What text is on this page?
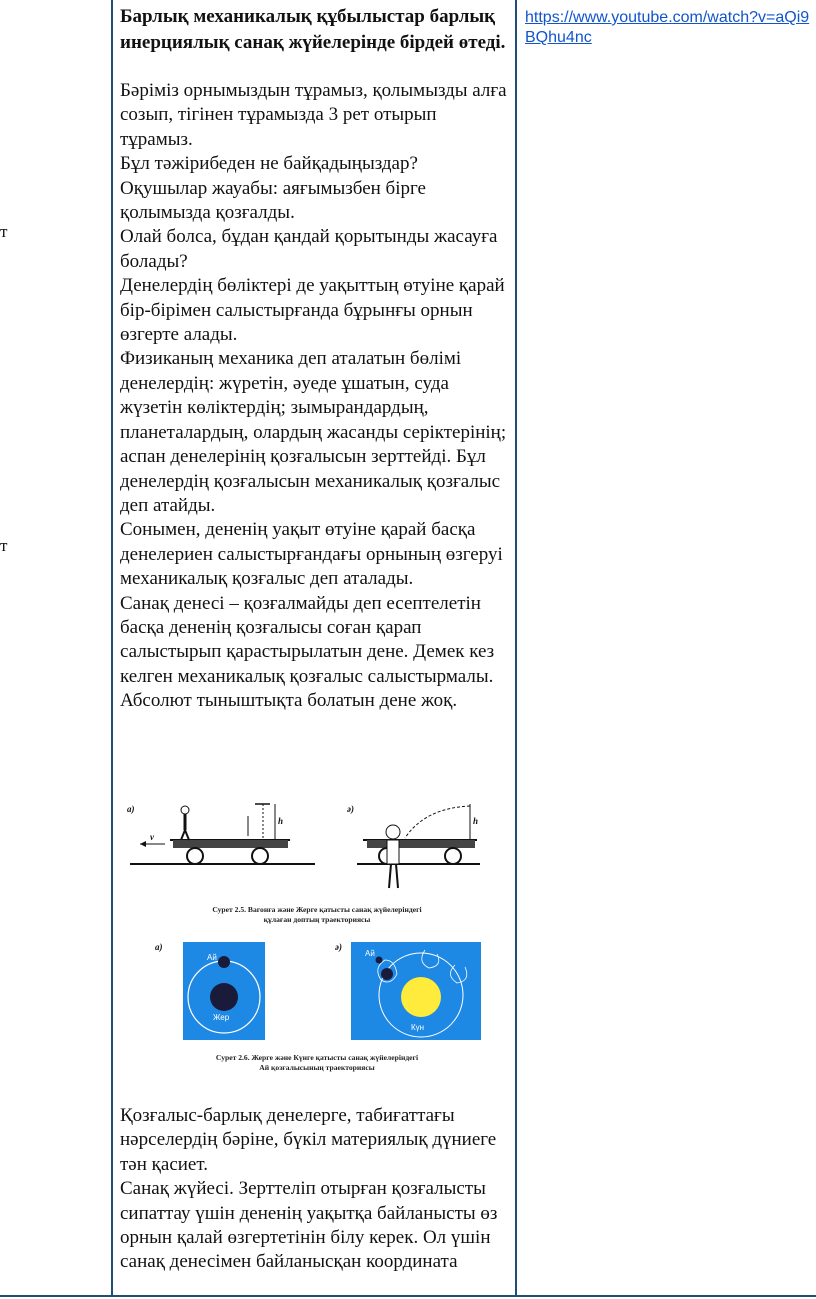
т
т

Барлық механикалық құбылыстар барлық инерциялық санақ жүйелерінде бірдей өтеді.

Бәріміз орнымыздын тұрамыз, қолымызды алға созып, тігінен тұрамызда 3 рет отырып тұрамыз.

Бұл тәжірибеден не байқадыңыздар?

Оқушылар жауабы: аяғымызбен бірге қолымызда қозғалды.

Олай болса, бұдан қандай қорытынды жасауға болады?

Денелердің бөліктері де уақыттың өтуіне қарай бір-бірімен салыстырғанда бұрынғы орнын өзгерте алады.

Физиканың механика деп аталатын бөлімі денелердің: жүретін, әуеде ұшатын, суда жүзетін көліктердің; зымырандардың, планеталардың, олардың жасанды серіктерінің; аспан денелерінің қозғалысын зерттейді. Бұл денелердің қозғалысын механикалық қозғалыс деп атайды.

Сонымен, дененің уақыт өтуіне қарай басқа денелериен салыстырғандағы орнының өзгеруі механикалық қозғалыс деп аталады.

Санақ денесі – қозғалмайды деп есептелетін басқа дененің қозғалысы соған қарап салыстырып қарастырылатын дене. Демек кез келген механикалық қозғалыс салыстырмалы. Абсолют тыныштықта болатын дене жоқ.

https://www.youtube.com/watch?v=aQi9BQhu4nc
а)
h
v
ә)
h
Сурет 2.5. Вагонға және Жерге қатысты санақ жүйелеріндегі
құлаған доптың траекториясы
а)
Ай
Жер
ә)
Ай
Күн
Сурет 2.6. Жерге және Күнге қатысты санақ жүйелеріндегі
Ай қозғалысының траекториясы

Қозғалыс-барлық денелерге, табиғаттағы нәрселердің бәріне, бүкіл материялық дүниеге тән қасиет.

Санақ жүйесі. Зерттеліп отырған қозғалысты сипаттау үшін дененің уақытқа байланысты өз орнын қалай өзгертетінін білу керек. Ол үшін санақ денесімен байланысқан координата
